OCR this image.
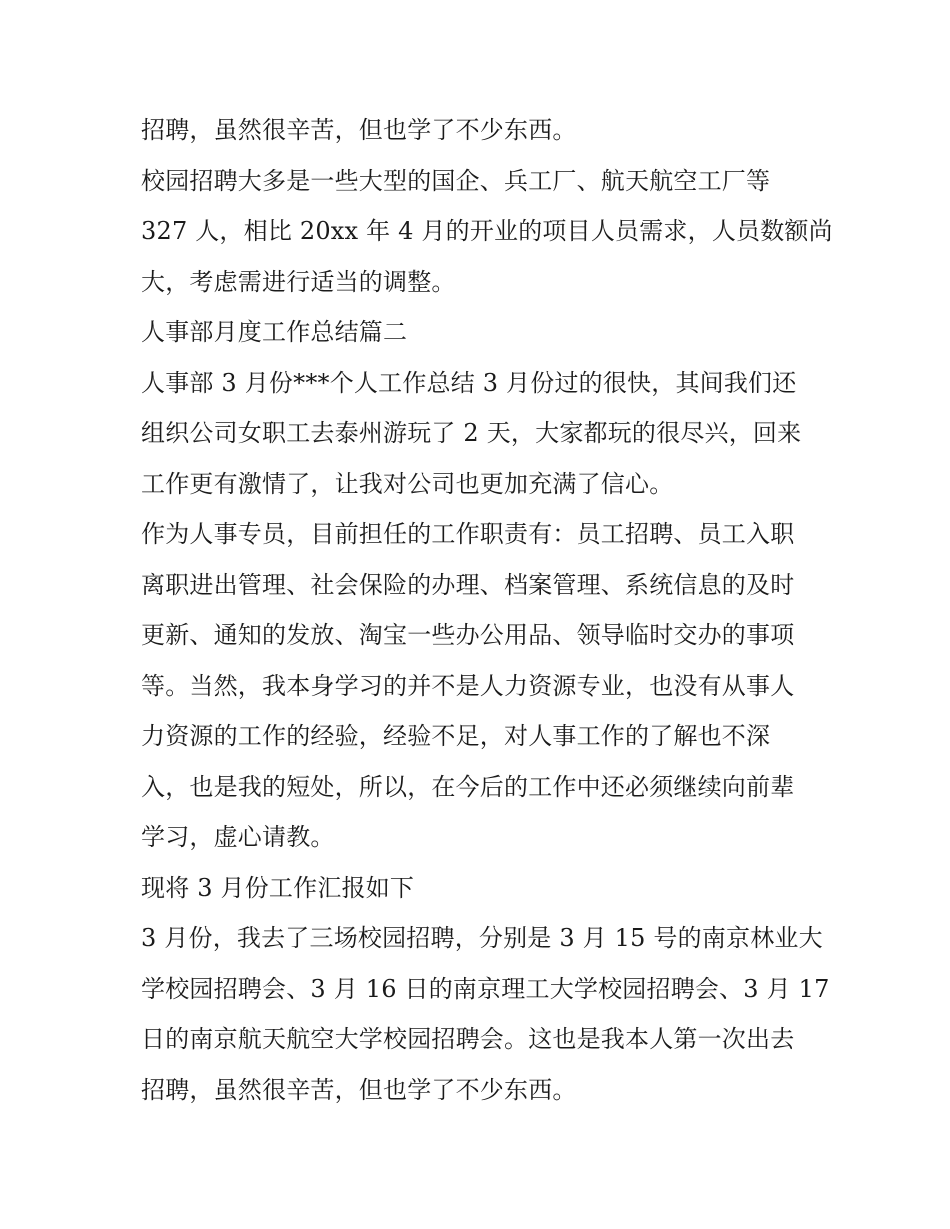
招聘，虽然很辛苦，但也学了不少东西。
校园招聘大多是一些大型的国企、兵工厂、航天航空工厂等
327 人，相比 20xx 年 4 月的开业的项目人员需求，人员数额尚
大，考虑需进行适当的调整。
人事部月度工作总结篇二
人事部 3 月份***个人工作总结 3 月份过的很快，其间我们还
组织公司女职工去泰州游玩了 2 天，大家都玩的很尽兴，回来
工作更有激情了，让我对公司也更加充满了信心。
作为人事专员，目前担任的工作职责有：员工招聘、员工入职
离职进出管理、社会保险的办理、档案管理、系统信息的及时
更新、通知的发放、淘宝一些办公用品、领导临时交办的事项
等。当然，我本身学习的并不是人力资源专业，也没有从事人
力资源的工作的经验，经验不足，对人事工作的了解也不深
入，也是我的短处，所以，在今后的工作中还必须继续向前辈
学习，虚心请教。
现将 3 月份工作汇报如下
3 月份，我去了三场校园招聘，分别是 3 月 15 号的南京林业大
学校园招聘会、3 月 16 日的南京理工大学校园招聘会、3 月 17
日的南京航天航空大学校园招聘会。这也是我本人第一次出去
招聘，虽然很辛苦，但也学了不少东西。
